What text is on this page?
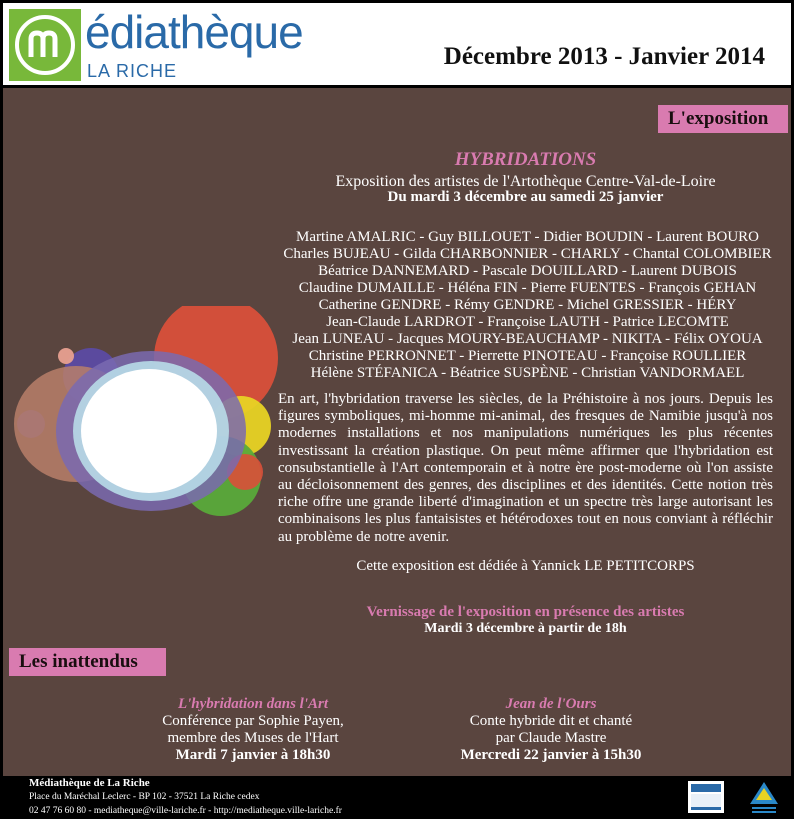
édiathèque
LA RICHE
Décembre 2013 - Janvier 2014
L'exposition
HYBRIDATIONS
Exposition des artistes de l'Artothèque Centre-Val-de-Loire
Du mardi 3 décembre au samedi 25 janvier
Martine AMALRIC - Guy BILLOUET - Didier BOUDIN - Laurent BOURO
Charles BUJEAU - Gilda CHARBONNIER - CHARLY - Chantal COLOMBIER
Béatrice DANNEMARD - Pascale DOUILLARD - Laurent DUBOIS
Claudine DUMAILLE - Héléna FIN - Pierre FUENTES - François GEHAN
Catherine GENDRE - Rémy GENDRE - Michel GRESSIER - HÉRY
Jean-Claude LARDROT - Françoise LAUTH - Patrice LECOMTE
Jean LUNEAU - Jacques MOURY-BEAUCHAMP - NIKITA - Félix OYOUA
Christine PERRONNET - Pierrette PINOTEAU - Françoise ROULLIER
Hélène STÉFANICA - Béatrice SUSPÈNE - Christian VANDORMAEL
En art, l'hybridation traverse les siècles, de la Préhistoire à nos jours. Depuis les figures symboliques, mi-homme mi-animal, des fresques de Namibie jusqu'à nos modernes installations et nos manipulations numériques les plus récentes investissant la création plastique. On peut même affirmer que l'hybridation est consubstantielle à l'Art contemporain et à notre ère post-moderne où l'on assiste au décloisonnement des genres, des disciplines et des identités. Cette notion très riche offre une grande liberté d'imagination et un spectre très large autorisant les combinaisons les plus fantaisistes et hétérodoxes tout en nous conviant à réfléchir au problème de notre avenir.
Cette exposition est dédiée à Yannick LE PETITCORPS
Vernissage de l'exposition en présence des artistes
Mardi 3 décembre à partir de 18h
Les inattendus
L'hybridation dans l'Art
Conférence par Sophie Payen,
membre des Muses de l'Hart
Mardi 7 janvier à 18h30
Jean de l'Ours
Conte hybride dit et chanté
par Claude Mastre
Mercredi 22 janvier à 15h30
Médiathèque de La Riche
Place du Maréchal Leclerc - BP 102 - 37521 La Riche cedex
02 47 76 60 80 - mediatheque@ville-lariche.fr - http://mediatheque.ville-lariche.fr
